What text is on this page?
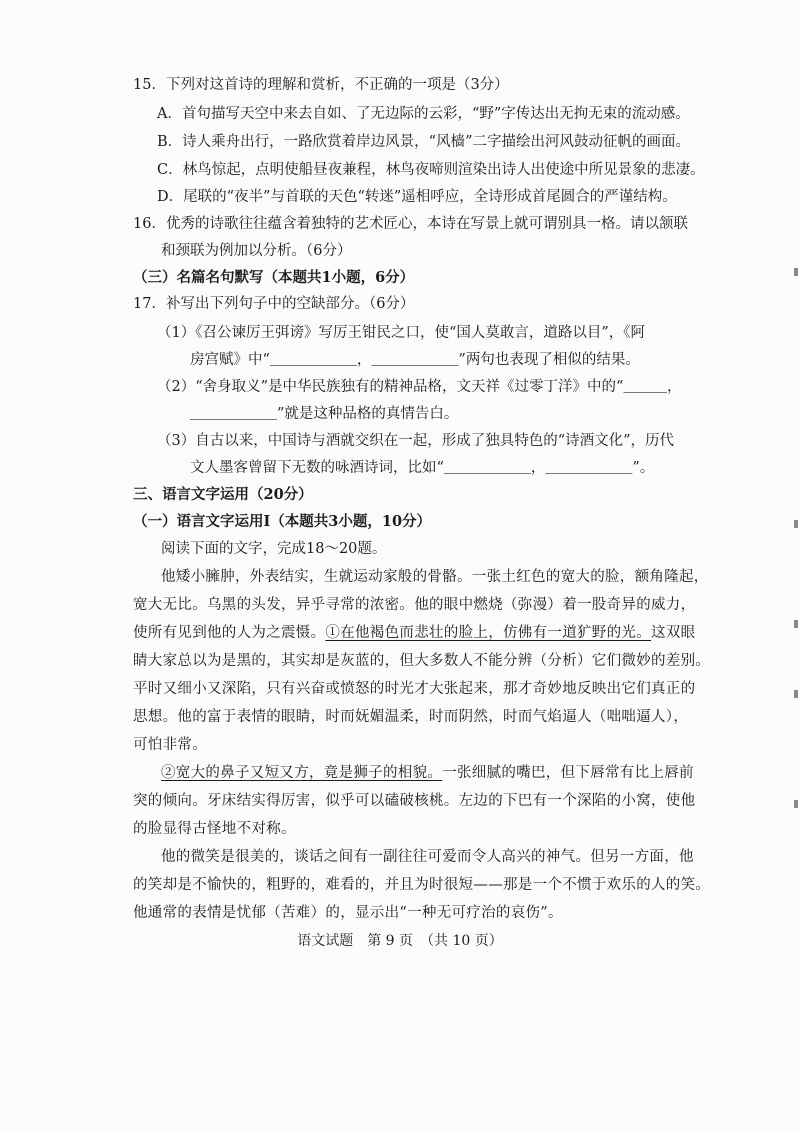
15．下列对这首诗的理解和赏析，不正确的一项是（3分）
A．首句描写天空中来去自如、了无边际的云彩，“野”字传达出无拘无束的流动感。
B．诗人乘舟出行，一路欣赏着岸边风景，“风樯”二字描绘出河风鼓动征帆的画面。
C．林鸟惊起，点明使船昼夜兼程，林鸟夜啼则渲染出诗人出使途中所见景象的悲凄。
D．尾联的“夜半”与首联的天色“转迷”遥相呼应，全诗形成首尾圆合的严谨结构。
16．优秀的诗歌往往蕴含着独特的艺术匠心，本诗在写景上就可谓别具一格。请以颔联
和颈联为例加以分析。（6分）
（三）名篇名句默写（本题共1小题，6分）
17．补写出下列句子中的空缺部分。（6分）
（1）《召公谏厉王弭谤》写厉王钳民之口，使“国人莫敢言，道路以目”，《阿
房宫赋》中“＿＿＿＿＿＿，＿＿＿＿＿＿”两句也表现了相似的结果。
（2）“舍身取义”是中华民族独有的精神品格，文天祥《过零丁洋》中的“＿＿＿，
＿＿＿＿＿＿”就是这种品格的真情告白。
（3）自古以来，中国诗与酒就交织在一起，形成了独具特色的“诗酒文化”，历代
文人墨客曾留下无数的咏酒诗词，比如“＿＿＿＿＿＿，＿＿＿＿＿＿”。
三、语言文字运用（20分）
（一）语言文字运用Ⅰ（本题共3小题，10分）
阅读下面的文字，完成18～20题。
他矮小臃肿，外表结实，生就运动家般的骨骼。一张土红色的宽大的脸，额角隆起，
宽大无比。乌黑的头发，异乎寻常的浓密。他的眼中燃烧（弥漫）着一股奇异的威力，
使所有见到他的人为之震慑。①在他褐色而悲壮的脸上，仿佛有一道犷野的光。这双眼
睛大家总以为是黑的，其实却是灰蓝的，但大多数人不能分辨（分析）它们微妙的差别。
平时又细小又深陷，只有兴奋或愤怒的时光才大张起来，那才奇妙地反映出它们真正的
思想。他的富于表情的眼睛，时而妩媚温柔，时而阴然，时而气焰逼人（咄咄逼人），
可怕非常。
②宽大的鼻子又短又方，竟是狮子的相貌。一张细腻的嘴巴，但下唇常有比上唇前
突的倾向。牙床结实得厉害，似乎可以磕破核桃。左边的下巴有一个深陷的小窝，使他
的脸显得古怪地不对称。
他的微笑是很美的，谈话之间有一副往往可爱而令人高兴的神气。但另一方面，他
的笑却是不愉快的，粗野的，难看的，并且为时很短——那是一个不惯于欢乐的人的笑。
他通常的表情是忧郁（苦难）的，显示出“一种无可疗治的哀伤”。
语文试题　第 9 页　（共 10 页）
